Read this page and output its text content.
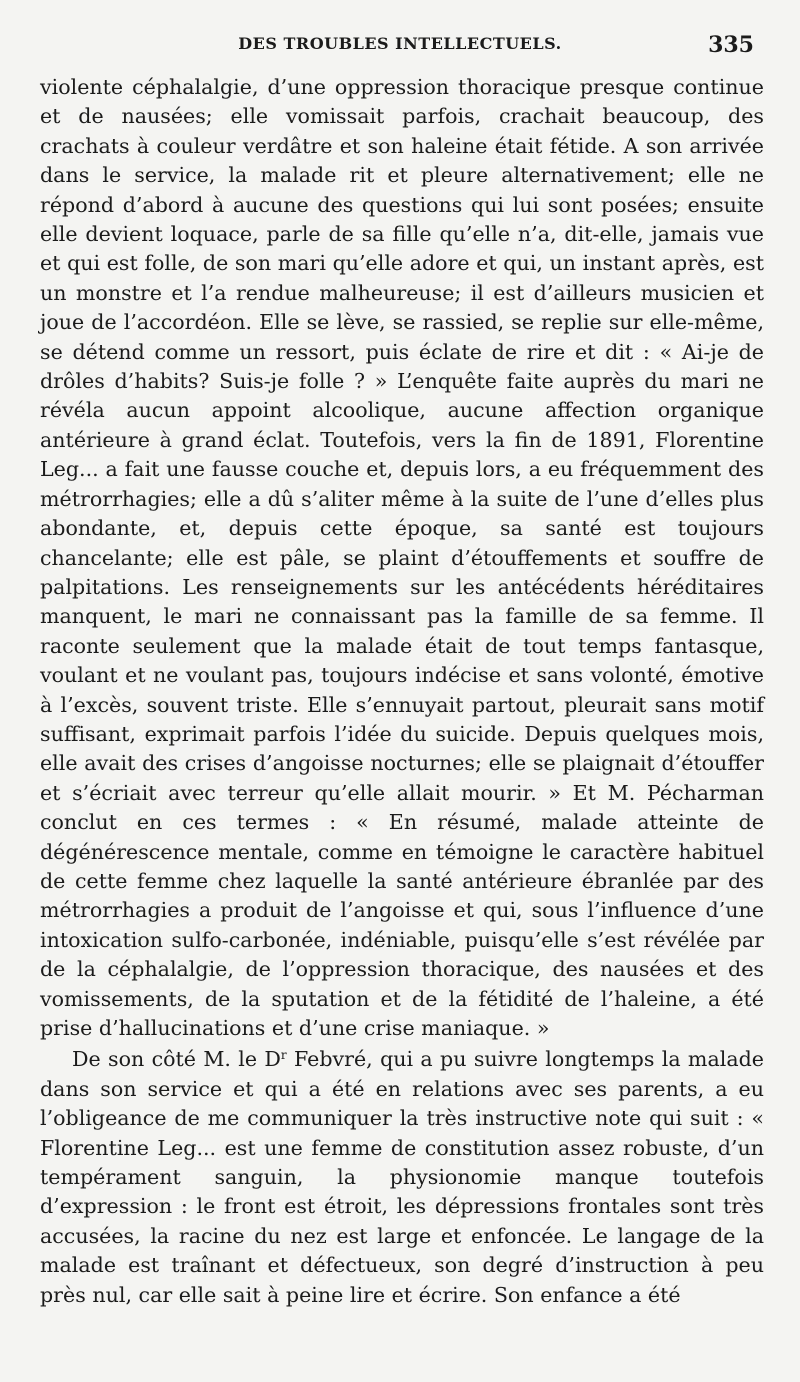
DES TROUBLES INTELLECTUELS.	335

violente céphalalgie, d’une oppression thoracique presque continue et de nausées; elle vomissait parfois, crachait beaucoup, des crachats à couleur verdâtre et son haleine était fétide. A son arrivée dans le service, la malade rit et pleure alternativement; elle ne répond d’abord à aucune des questions qui lui sont posées; ensuite elle devient loquace, parle de sa fille qu’elle n’a, dit-elle, jamais vue et qui est folle, de son mari qu’elle adore et qui, un instant après, est un monstre et l’a rendue malheureuse; il est d’ailleurs musicien et joue de l’accordéon. Elle se lève, se rassied, se replie sur elle-même, se détend comme un ressort, puis éclate de rire et dit : « Ai-je de drôles d’habits? Suis-je folle ? » L’enquête faite auprès du mari ne révéla aucun appoint alcoolique, aucune affection organique antérieure à grand éclat. Toutefois, vers la fin de 1891, Florentine Leg... a fait une fausse couche et, depuis lors, a eu fréquemment des métrorrhagies; elle a dû s’aliter même à la suite de l’une d’elles plus abondante, et, depuis cette époque, sa santé est toujours chancelante; elle est pâle, se plaint d’étouffements et souffre de palpitations. Les renseignements sur les antécédents héréditaires manquent, le mari ne connaissant pas la famille de sa femme. Il raconte seulement que la malade était de tout temps fantasque, voulant et ne voulant pas, toujours indécise et sans volonté, émotive à l’excès, souvent triste. Elle s’ennuyait partout, pleurait sans motif suffisant, exprimait parfois l’idée du suicide. Depuis quelques mois, elle avait des crises d’angoisse nocturnes; elle se plaignait d’étouffer et s’écriait avec terreur qu’elle allait mourir. » Et M. Pécharman conclut en ces termes : « En résumé, malade atteinte de dégénérescence mentale, comme en témoigne le caractère habituel de cette femme chez laquelle la santé antérieure ébranlée par des métrorrhagies a produit de l’angoisse et qui, sous l’influence d’une intoxication sulfo-carbonée, indéniable, puisqu’elle s’est révélée par de la céphalalgie, de l’oppression thoracique, des nausées et des vomissements, de la sputation et de la fétidité de l’haleine, a été prise d’hallucinations et d’une crise maniaque. »

De son côté M. le $D^r$ Febvré, qui a pu suivre longtemps la malade dans son service et qui a été en relations avec ses parents, a eu l’obligeance de me communiquer la très instructive note qui suit : « Florentine Leg... est une femme de constitution assez robuste, d’un tempérament sanguin, la physionomie manque toutefois d’expression : le front est étroit, les dépressions frontales sont très accusées, la racine du nez est large et enfoncée. Le langage de la malade est traînant et défectueux, son degré d’instruction à peu près nul, car elle sait à peine lire et écrire. Son enfance a été
